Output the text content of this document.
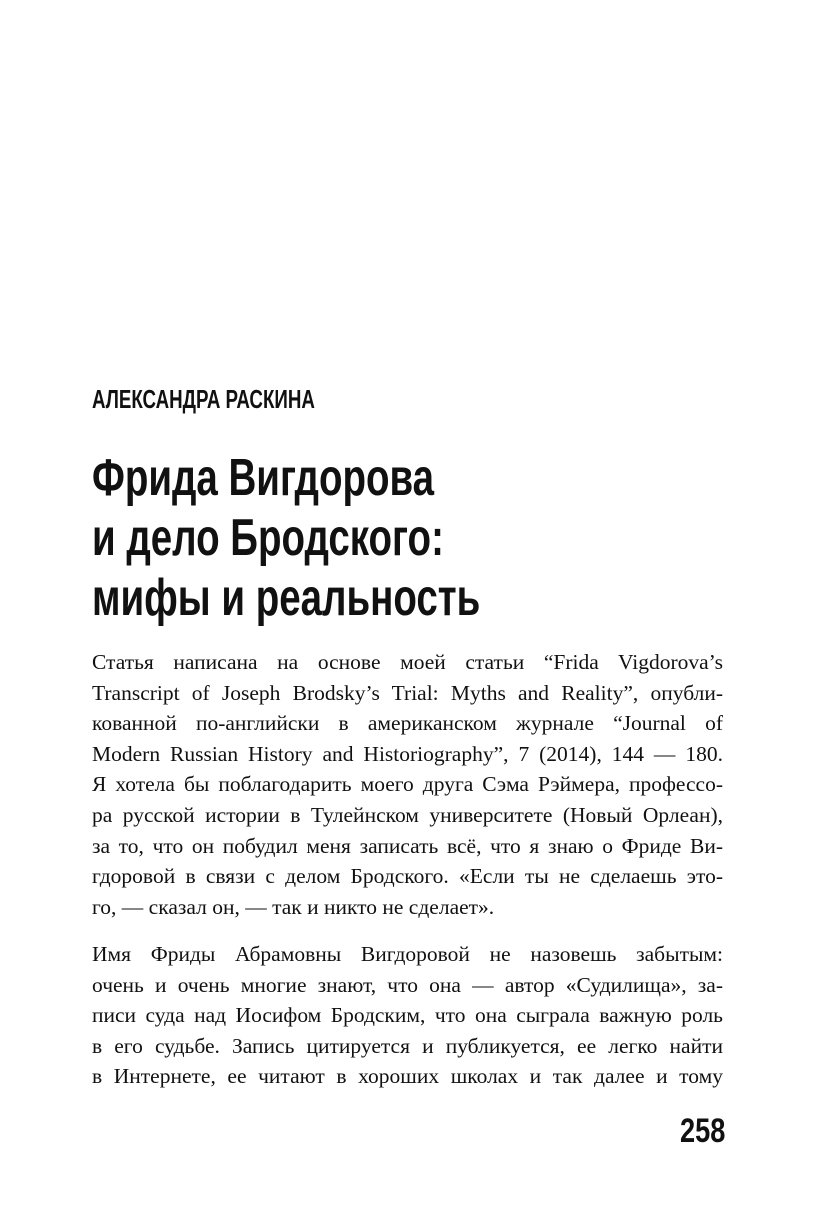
АЛЕКСАНДРА РАСКИНА
Фрида Вигдорова
и дело Бродского:
мифы и реальность
Статья написана на основе моей статьи “Frida Vigdorova’s
Transcript of Joseph Brodsky’s Trial: Myths and Reality”, опубли-
кованной по-английски в американском журнале “Journal of
Modern Russian History and Historiography”, 7 (2014), 144 — 180.
Я хотела бы поблагодарить моего друга Сэма Рэймера, профессо-
ра русской истории в Тулейнском университете (Новый Орлеан),
за то, что он побудил меня записать всё, что я знаю о Фриде Ви-
гдоровой в связи с делом Бродского. «Если ты не сделаешь это-
го, — сказал он, — так и никто не сделает».
Имя Фриды Абрамовны Вигдоровой не назовешь забытым:
очень и очень многие знают, что она — автор «Судилища», за-
писи суда над Иосифом Бродским, что она сыграла важную роль
в его судьбе. Запись цитируется и публикуется, ее легко найти
в Интернете, ее читают в хороших школах и так далее и тому
258
